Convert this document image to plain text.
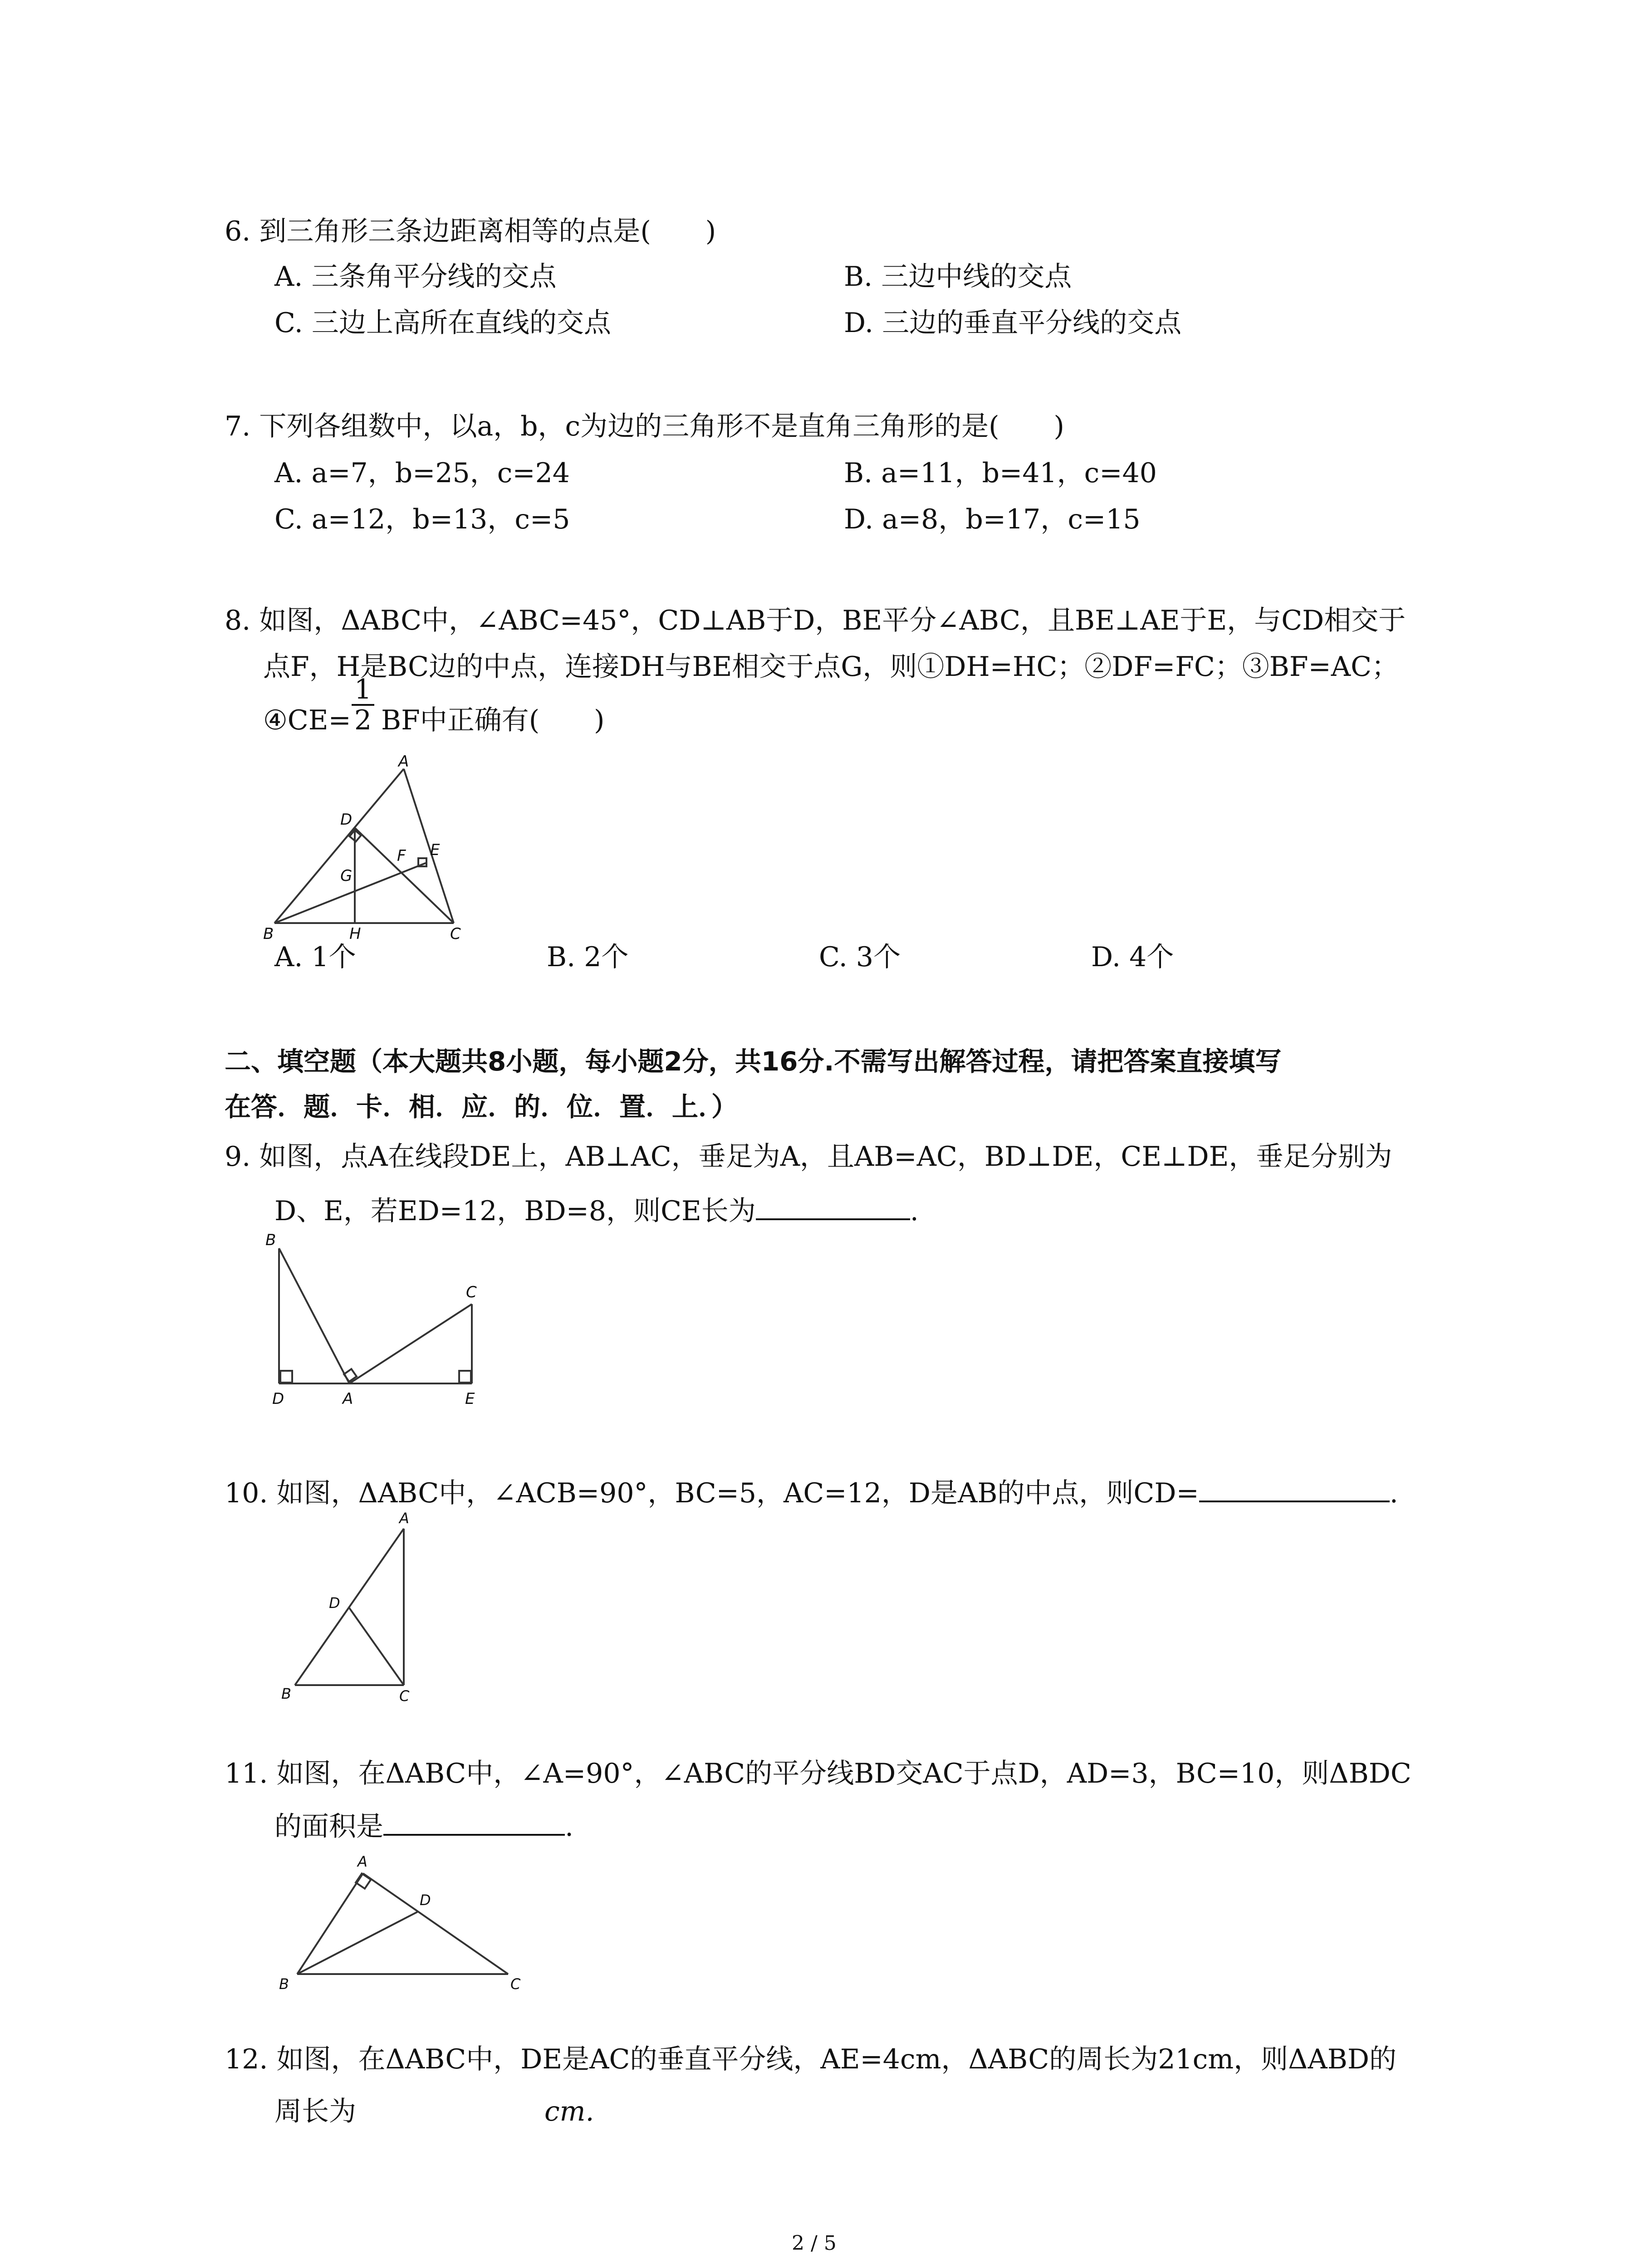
6. 到三角形三条边距离相等的点是(　　)
A. 三条角平分线的交点	B. 三边中线的交点
C. 三边上高所在直线的交点	D. 三边的垂直平分线的交点
7. 下列各组数中，以a，b，c为边的三角形不是直角三角形的是(　　)
A. a=7，b=25，c=24	B. a=11，b=41，c=40
C. a=12，b=13，c=5	D. a=8，b=17，c=15
8. 如图，ΔABC中，∠ABC=45°，CD⊥AB于D，BE平分∠ABC，且BE⊥AE于E，与CD相交于
点F，H是BC边的中点，连接DH与BE相交于点G，则①DH=HC；②DF=FC；③BF=AC；
④CE=
1
2 BF中正确有(　　)
A
D
F E
G
B	H	C
A. 1个	B. 2个	C. 3个	D. 4个
二、填空题（本大题共8小题，每小题2分，共16分.不需写出解答过程，请把答案直接填写
在答．题．卡．相．应．的．位．置．上．）
9. 如图，点A在线段DE上，AB⊥AC，垂足为A，且AB=AC，BD⊥DE，CE⊥DE，垂足分别为
D、E，若ED=12，BD=8，则CE长为	.
B
C
D	A	E
10. 如图，ΔABC中，∠ACB=90°，BC=5，AC=12，D是AB的中点，则CD=	.
A
D
B	C
11. 如图，在ΔABC中，∠A=90°，∠ABC的平分线BD交AC于点D，AD=3，BC=10，则ΔBDC
的面积是	.
A
D
B	C
12. 如图，在ΔABC中，DE是AC的垂直平分线，AE=4cm，ΔABC的周长为21cm，则ΔABD的
周长为	cm.
2 / 5
